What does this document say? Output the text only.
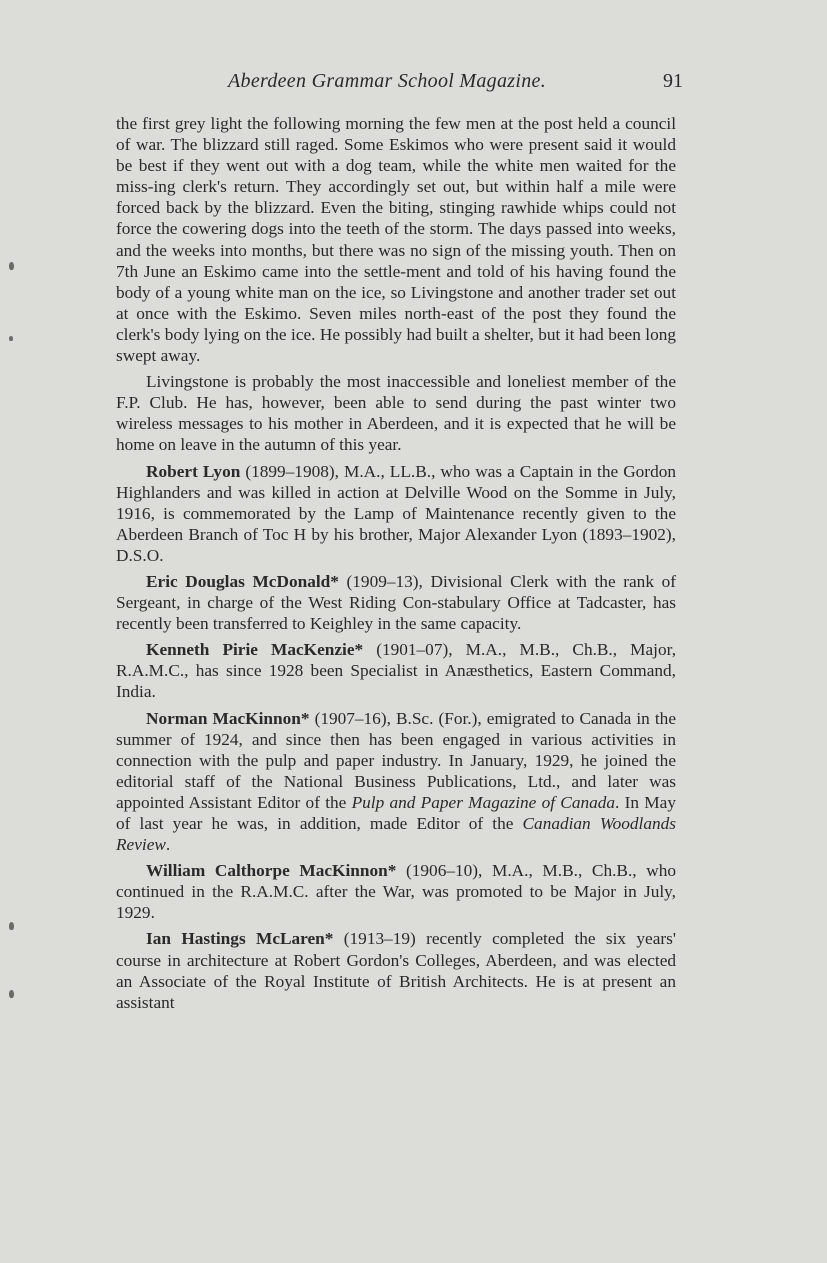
Aberdeen Grammar School Magazine.	91

the first grey light the following morning the few men at the post held a council of war. The blizzard still raged. Some Eskimos who were present said it would be best if they went out with a dog team, while the white men waited for the miss-ing clerk's return. They accordingly set out, but within half a mile were forced back by the blizzard. Even the biting, stinging rawhide whips could not force the cowering dogs into the teeth of the storm. The days passed into weeks, and the weeks into months, but there was no sign of the missing youth. Then on 7th June an Eskimo came into the settle-ment and told of his having found the body of a young white man on the ice, so Livingstone and another trader set out at once with the Eskimo. Seven miles north-east of the post they found the clerk's body lying on the ice. He possibly had built a shelter, but it had been long swept away.

Livingstone is probably the most inaccessible and loneliest member of the F.P. Club. He has, however, been able to send during the past winter two wireless messages to his mother in Aberdeen, and it is expected that he will be home on leave in the autumn of this year.

Robert Lyon (1899–1908), M.A., LL.B., who was a Captain in the Gordon Highlanders and was killed in action at Delville Wood on the Somme in July, 1916, is commemorated by the Lamp of Maintenance recently given to the Aberdeen Branch of Toc H by his brother, Major Alexander Lyon (1893–1902), D.S.O.

Eric Douglas McDonald* (1909–13), Divisional Clerk with the rank of Sergeant, in charge of the West Riding Con-stabulary Office at Tadcaster, has recently been transferred to Keighley in the same capacity.

Kenneth Pirie MacKenzie* (1901–07), M.A., M.B., Ch.B., Major, R.A.M.C., has since 1928 been Specialist in Anæsthetics, Eastern Command, India.

Norman MacKinnon* (1907–16), B.Sc. (For.), emigrated to Canada in the summer of 1924, and since then has been engaged in various activities in connection with the pulp and paper industry. In January, 1929, he joined the editorial staff of the National Business Publications, Ltd., and later was appointed Assistant Editor of the Pulp and Paper Magazine of Canada. In May of last year he was, in addition, made Editor of the Canadian Woodlands Review.

William Calthorpe MacKinnon* (1906–10), M.A., M.B., Ch.B., who continued in the R.A.M.C. after the War, was promoted to be Major in July, 1929.

Ian Hastings McLaren* (1913–19) recently completed the six years' course in architecture at Robert Gordon's Colleges, Aberdeen, and was elected an Associate of the Royal Institute of British Architects. He is at present an assistant
